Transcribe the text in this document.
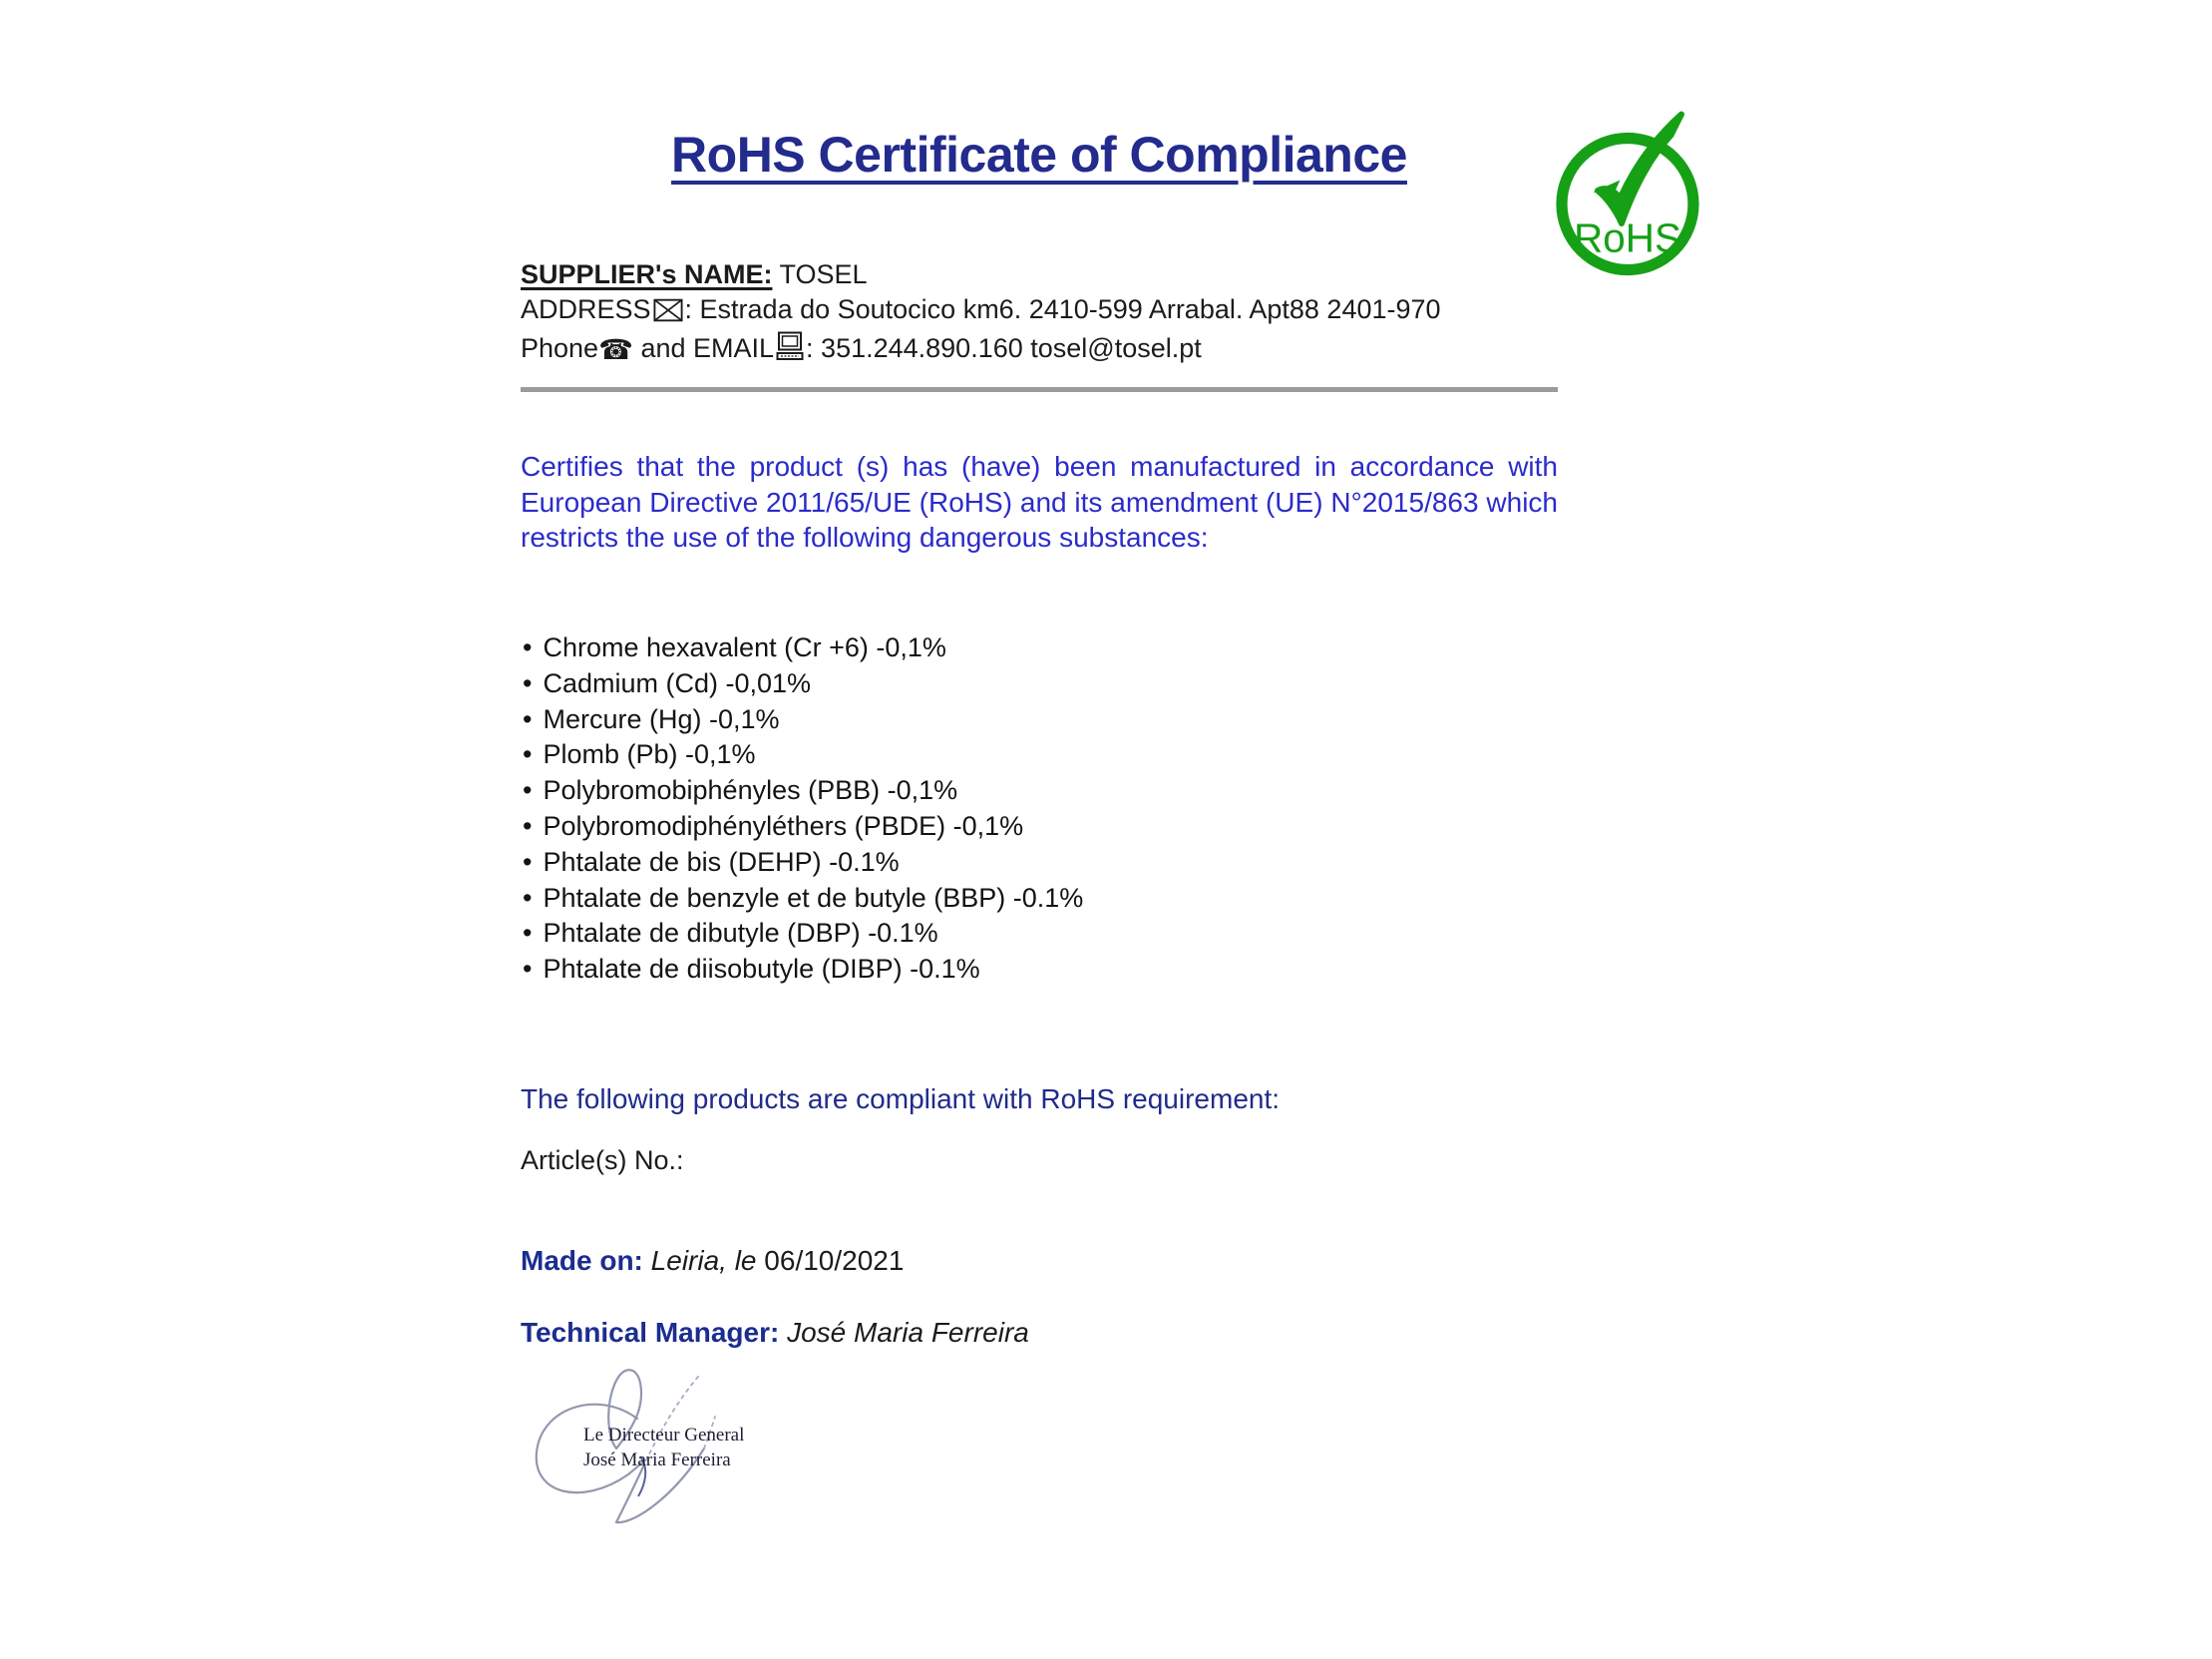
RoHS Certificate of Compliance
RoHS
SUPPLIER's NAME: TOSEL
ADDRESS : Estrada do Soutocico km6. 2410-599 Arrabal. Apt88 2401-970
Phone☎ and EMAIL : 351.244.890.160 tosel@tosel.pt
Certifies that the product (s) has (have) been manufactured in accordance with European Directive 2011/65/UE (RoHS) and its amendment (UE) N°2015/863 which restricts the use of the following dangerous substances:
• Chrome hexavalent (Cr +6) -0,1%
• Cadmium (Cd) -0,01%
• Mercure (Hg) -0,1%
• Plomb (Pb) -0,1%
• Polybromobiphényles (PBB) -0,1%
• Polybromodiphényléthers (PBDE) -0,1%
• Phtalate de bis (DEHP) -0.1%
• Phtalate de benzyle et de butyle (BBP) -0.1%
• Phtalate de dibutyle (DBP) -0.1%
• Phtalate de diisobutyle (DIBP) -0.1%
The following products are compliant with RoHS requirement:
Article(s) No.:
Made on: Leiria, le 06/10/2021
Technical Manager: José Maria Ferreira
Le Directeur General
José Maria Ferreira
